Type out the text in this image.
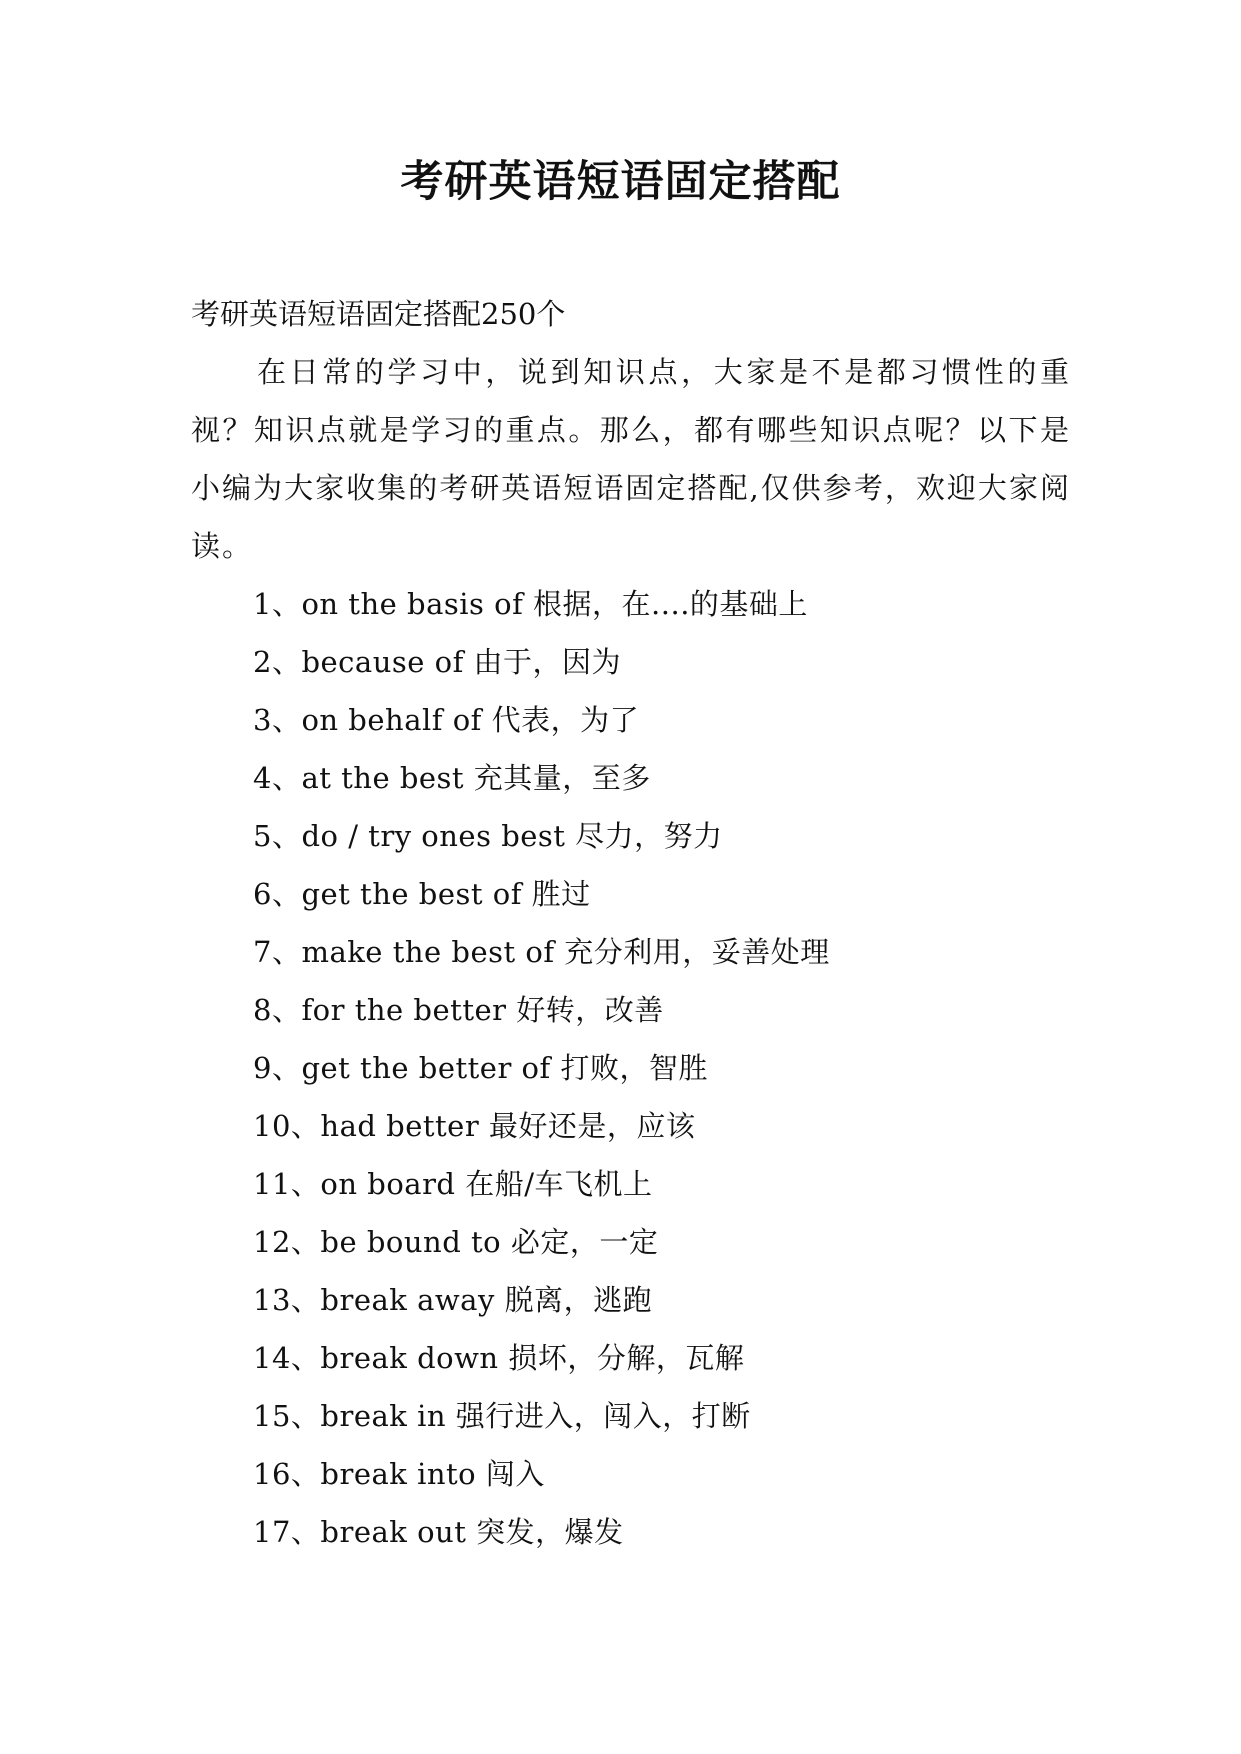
考研英语短语固定搭配

考研英语短语固定搭配250个

在日常的学习中，说到知识点，大家是不是都习惯性的重视？知识点就是学习的重点。那么，都有哪些知识点呢？以下是小编为大家收集的考研英语短语固定搭配,仅供参考，欢迎大家阅读。

1、on the basis of 根据，在....的基础上
2、because of 由于，因为
3、on behalf of 代表，为了
4、at the best 充其量，至多
5、do / try ones best 尽力，努力
6、get the best of 胜过
7、make the best of 充分利用，妥善处理
8、for the better 好转，改善
9、get the better of 打败，智胜
10、had better 最好还是，应该
11、on board 在船/车飞机上
12、be bound to 必定，一定
13、break away 脱离，逃跑
14、break down 损坏，分解，瓦解
15、break in 强行进入，闯入，打断
16、break into 闯入
17、break out 突发，爆发
